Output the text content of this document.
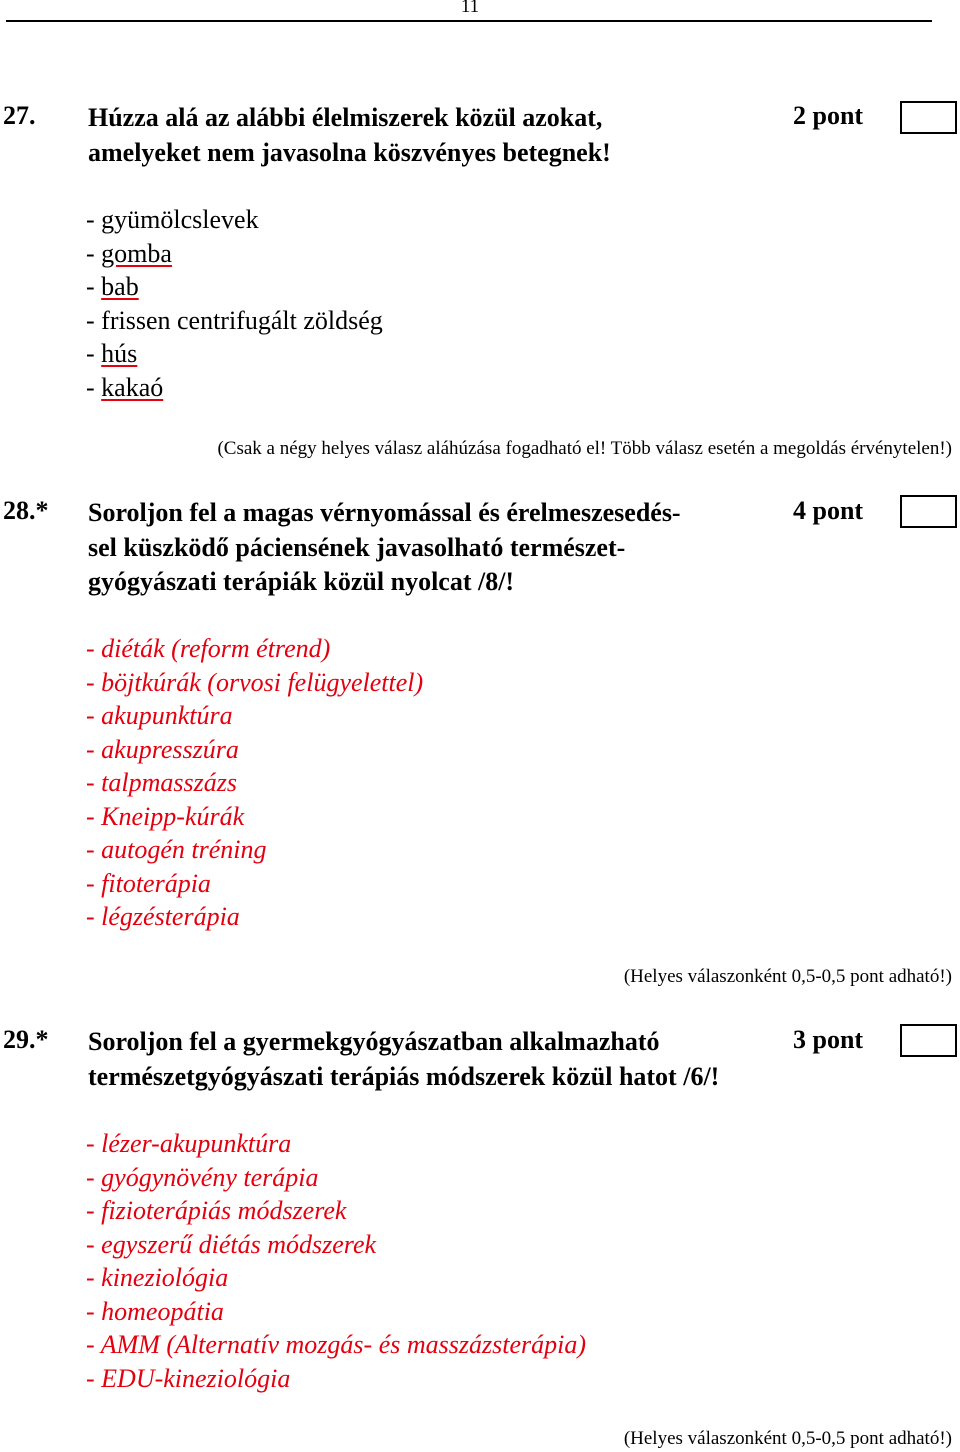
11
27. Húzza alá az alábbi élelmiszerek közül azokat,
amelyeket nem javasolna köszvényes betegnek!
2 pont
- gyümölcslevek
- gomba
- bab
- frissen centrifugált zöldség
- hús
- kakaó
(Csak a négy helyes válasz aláhúzása fogadható el! Több válasz esetén a megoldás érvénytelen!)
28.* Soroljon fel a magas vérnyomással és érelmeszesedés-
sel küszködő páciensének javasolható természet-
gyógyászati terápiák közül nyolcat /8/!
4 pont
- diéták (reform étrend)
- böjtkúrák (orvosi felügyelettel)
- akupunktúra
- akupresszúra
- talpmasszázs
- Kneipp-kúrák
- autogén tréning
- fitoterápia
- légzésterápia
(Helyes válaszonként 0,5-0,5 pont adható!)
29.* Soroljon fel a gyermekgyógyászatban alkalmazható
természetgyógyászati terápiás módszerek közül hatot /6/!
3 pont
- lézer-akupunktúra
- gyógynövény terápia
- fizioterápiás módszerek
- egyszerű diétás módszerek
- kineziológia
- homeopátia
- AMM (Alternatív mozgás- és masszázsterápia)
- EDU-kineziológia
(Helyes válaszonként 0,5-0,5 pont adható!)
